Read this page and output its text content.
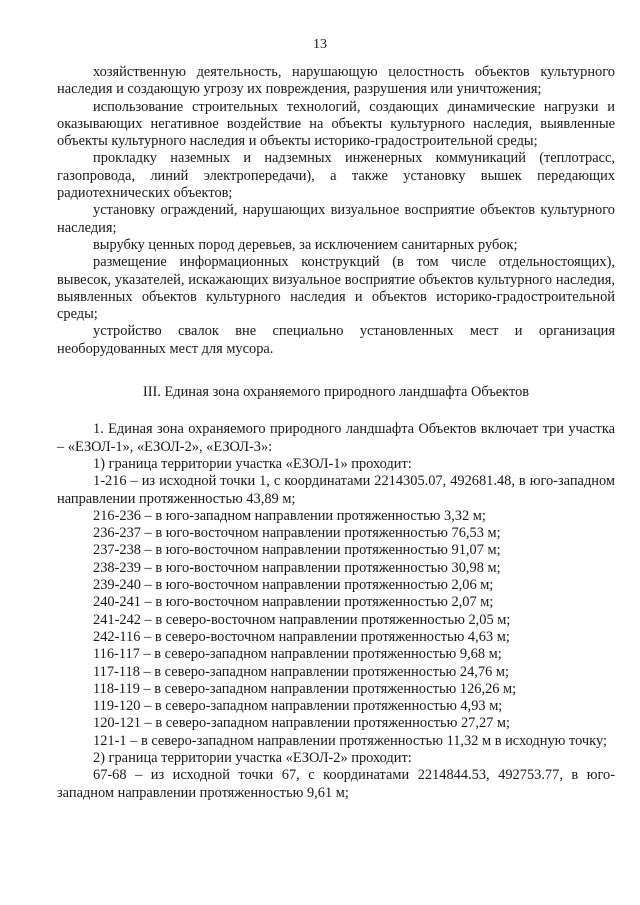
13

хозяйственную деятельность, нарушающую целостность объектов культурного наследия и создающую угрозу их повреждения, разрушения или уничтожения;

использование строительных технологий, создающих динамические нагрузки и оказывающих негативное воздействие на объекты культурного наследия, выявленные объекты культурного наследия и объекты историко-градостроительной среды;

прокладку наземных и надземных инженерных коммуникаций (теплотрасс, газопровода, линий электропередачи), а также установку вышек передающих радиотехнических объектов;

установку ограждений, нарушающих визуальное восприятие объектов культурного наследия;

вырубку ценных пород деревьев, за исключением санитарных рубок;

размещение информационных конструкций (в том числе отдельностоящих), вывесок, указателей, искажающих визуальное восприятие объектов культурного наследия, выявленных объектов культурного наследия и объектов историко-градостроительной среды;

устройство свалок вне специально установленных мест и организация необорудованных мест для мусора.

III. Единая зона охраняемого природного ландшафта Объектов

1. Единая зона охраняемого природного ландшафта Объектов включает три участка – «ЕЗОЛ-1», «ЕЗОЛ-2», «ЕЗОЛ-3»:

1) граница территории участка «ЕЗОЛ-1» проходит:

1-216 – из исходной точки 1, с координатами 2214305.07, 492681.48, в юго-западном направлении протяженностью 43,89 м;

216-236 – в юго-западном направлении протяженностью 3,32 м;

236-237 – в юго-восточном направлении протяженностью 76,53 м;

237-238 – в юго-восточном направлении протяженностью 91,07 м;

238-239 – в юго-восточном направлении протяженностью 30,98 м;

239-240 – в юго-восточном направлении протяженностью 2,06 м;

240-241 – в юго-восточном направлении протяженностью 2,07 м;

241-242 – в северо-восточном направлении протяженностью 2,05 м;

242-116 – в северо-восточном направлении протяженностью 4,63 м;

116-117 – в северо-западном направлении протяженностью 9,68 м;

117-118 – в северо-западном направлении протяженностью 24,76 м;

118-119 – в северо-западном направлении протяженностью 126,26 м;

119-120 – в северо-западном направлении протяженностью 4,93 м;

120-121 – в северо-западном направлении протяженностью 27,27 м;

121-1 – в северо-западном направлении протяженностью 11,32 м в исходную точку;

2) граница территории участка «ЕЗОЛ-2» проходит:

67-68 – из исходной точки 67, с координатами 2214844.53, 492753.77, в юго-западном направлении протяженностью 9,61 м;
